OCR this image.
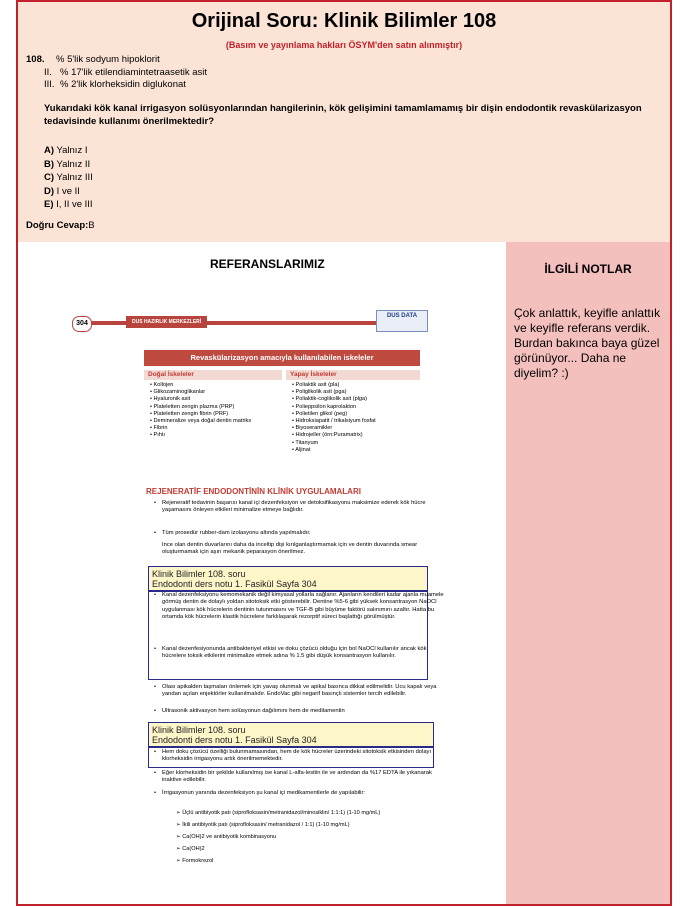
Orijinal Soru: Klinik Bilimler 108
(Basım ve yayınlama hakları ÖSYM'den satın alınmıştır)
108. % 5'lik sodyum hipoklorit
II. % 17'lik etilendiamintetraasetik asit
III. % 2'lik klorheksidin diglukonat
Yukarıdaki kök kanal irrigasyon solüsyonlarından hangilerinin, kök gelişimini tamamlamamış bir dişin endodontik revaskülarizasyon tedavisinde kullanımı önerilmektedir?
A) Yalnız I
B) Yalnız II
C) Yalnız III
D) I ve II
E) I, II ve III
Doğru Cevap:B
REFERANSLARIMIZ	İLGİLİ NOTLAR
Çok anlattık, keyifle anlattık ve keyifle referans verdik. Burdan bakınca baya güzel görünüyor... Daha ne diyelim? :)
304	DUS HAZIRLIK MERKEZLERİ
DUS DATA
Revaskülarizasyon amacıyla kullanılabilen iskeleler
Doğal İskeleler	Yapay İskeleler
• Kollojen
• Glikozaminoglikanlar
• Hyaluronik asit
• Plateletten zengin plazma (PRP)
• Plateletten zengin fibrin (PRF)
• Demineralize veya doğal dentin matriks
• Fibrin
• Pıhtı
• Poliaktik asit (pla)
• Poliglikolik asit (pga)
• Poliaktik-coglikolik asit (plga)
• Polieppsilon kaprolakton
• Polietilen glikol (peg)
• Hidroksiapatit / trikalsiyum fosfat
• Biyoseramikler
• Hidrojeller (örn:Puramatrix)
• Titanyum
• Aljinat
REJENERATİF ENDODONTİNİN KLİNİK UYGULAMALARI
• Rejeneratif tedavinin başarısı kanal içi dezenfeksiyon ve detoksifikasyonu maksimize ederek kök hücre yaşamasını önleyen etkileri minimalize etmeye bağlıdır.
• Tüm prosedür rubber-dam izolasyonu altında yapılmalıdır.
• İnce olan dentin duvarlarını daha da inceltip dişi kırılganlaştırmamak için ve dentin duvarında smear oluşturmamak için aşırı mekanik peparasyon önerilmez.
Klinik Bilimler 108. soru
Endodonti ders notu 1. Fasikül Sayfa 304
• Kanal dezenfeksiyonu kemomekanik değil kimyasal yollarla sağlanır. Ajanların kendileri kadar ajanla muamele görmüş dentin de dolaylı yoldan sitotoksik etki gösterebilir. Dentine %5-6 gibi yüksek konsantrasyon NaOCl uygulanması kök hücrelerin dentinin tutunmasını ve TGF-B gibi büyüme faktörü salınımını azaltır. Hatta bu ortamda kök hücrelerin klastik hücrelere farklılaşarak rezorptif süreci başlattığı görülmüştür.
• Kanal dezenfesiyonunda antibakteriyel etkisi ve doku çözücü olduğu için bol NaOCl kullanılır ancak kök hücrelere toksik etkilerini minimalize etmek adına % 1.5 gibi düşük konsantrasyon kullanılır.
• Olası apikalden taşmaları önlemek için yavaş olunmalı ve apikal basınca dikkat edilmelidir. Ucu kapalı veya yandan açılan enjektörler kullanılmalıdır. EndoVac gibi negarif basınçlı sistemler tercih edilebilir.
• Ultrasonik aktivasyon hem solüsyonun dağılımını hem de medilamentin
Klinik Bilimler 108. soru
Endodonti ders notu 1. Fasikül Sayfa 304
• Hem doku çözücü özelliği bulunmamasından, hem de kök hücreler üzerindeki sitotoksik etkisinden dolayı klorheksidin irrigasyonu artık önerilmemektedir.
• Eğer klorheksidin bir şekilde kullanılmış ise kanal L-alfa-lesitin ile ve ardından da %17 EDTA ile yıkanarak inaktive edilebilir.
• İrrigasyonun yanında dezenfeksiyon şu kanal içi medikamentlerle de yapılabilir:
➢ Üçlü antibiyotik patı (siprofloksasin/metranidazol/minosiklin/ 1:1:1) (1-10 mg/mL)
➢ İkili antibiyotik patı (siprofloksasin/ metranidazol / 1:1) (1-10 mg/mL)
➢ Ca(OH)2 ve antibiyotik kombinasyonu
➢ Ca(OH)2
➢ Formokrezol
